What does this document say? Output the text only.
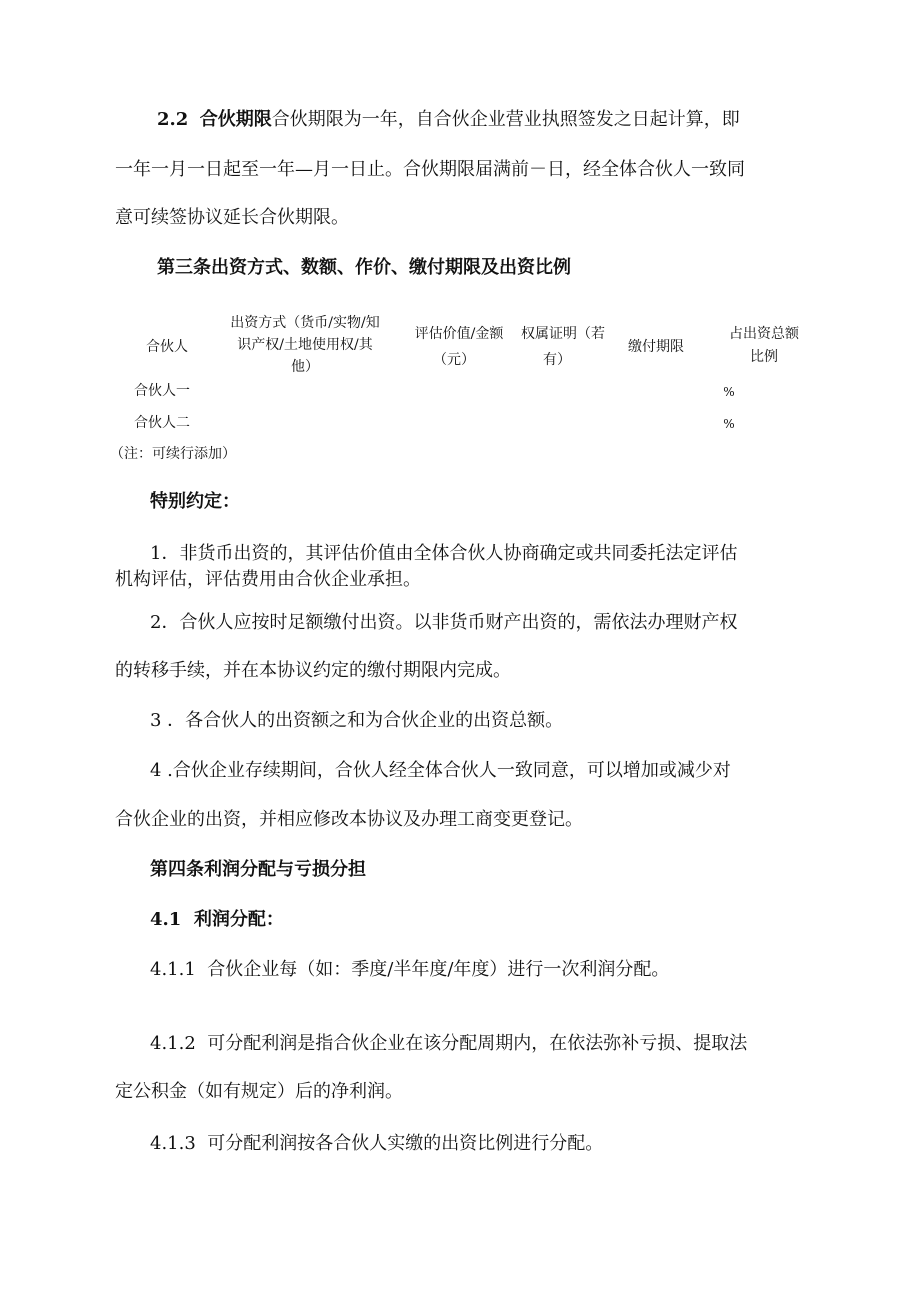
2.2 合伙期限合伙期限为一年，自合伙企业营业执照签发之日起计算，即
一年一月一日起至一年—月一日止。合伙期限届满前－日，经全体合伙人一致同
意可续签协议延长合伙期限。
第三条出资方式、数额、作价、缴付期限及出资比例
合伙人
出资方式（货币/实物/知
识产权/土地使用权/其
他）
评估价值/金额
（元）
权属证明（若
有）
缴付期限
占出资总额
比例
合伙人一	%
合伙人二	%
（注：可续行添加）
特别约定：
1．非货币出资的，其评估价值由全体合伙人协商确定或共同委托法定评估
机构评估，评估费用由合伙企业承担。
2．合伙人应按时足额缴付出资。以非货币财产出资的，需依法办理财产权
的转移手续，并在本协议约定的缴付期限内完成。
3 ．各合伙人的出资额之和为合伙企业的出资总额。
4 .合伙企业存续期间，合伙人经全体合伙人一致同意，可以增加或减少对
合伙企业的出资，并相应修改本协议及办理工商变更登记。
第四条利润分配与亏损分担
4.1 利润分配：
4.1.1 合伙企业每（如：季度/半年度/年度）进行一次利润分配。
4.1.2 可分配利润是指合伙企业在该分配周期内，在依法弥补亏损、提取法
定公积金（如有规定）后的净利润。
4.1.3 可分配利润按各合伙人实缴的出资比例进行分配。
